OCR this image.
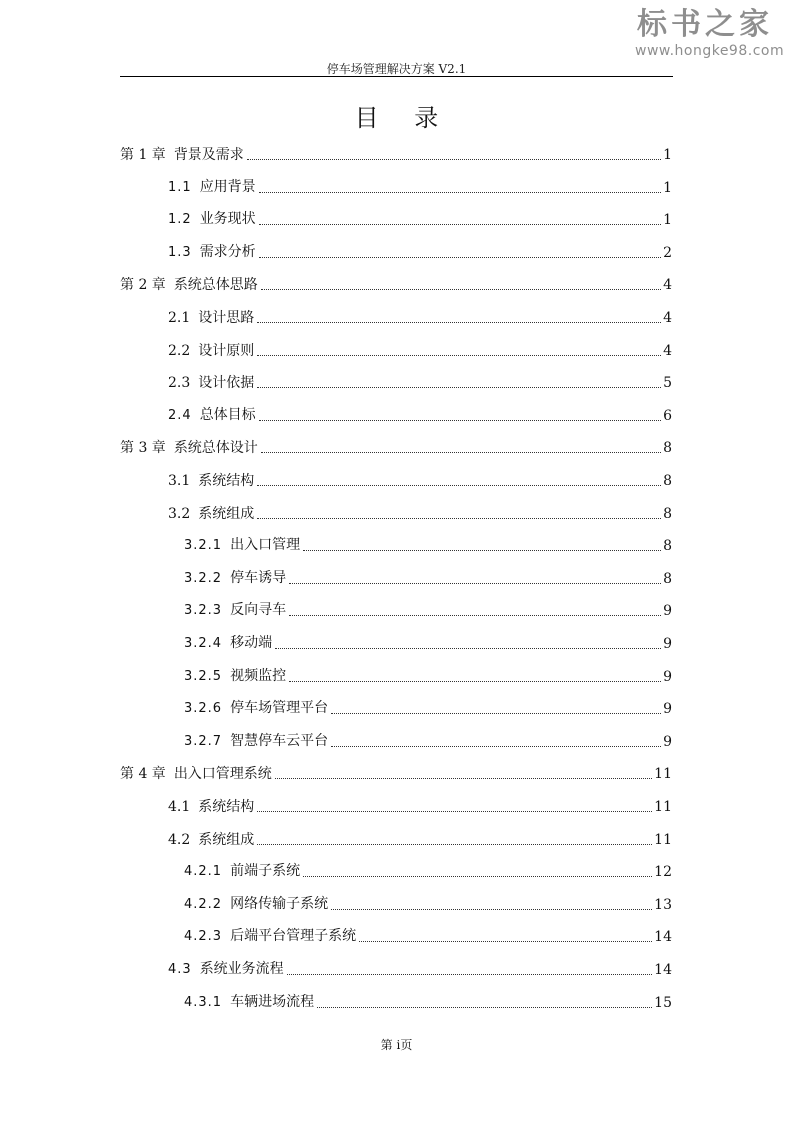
标书之家
www.hongke98.com
停车场管理解决方案 V2.1
目 录
第 1 章 背景及需求	1
1.1 应用背景	1
1.2 业务现状	1
1.3 需求分析	2
第 2 章 系统总体思路	4
2.1 设计思路	4
2.2 设计原则	4
2.3 设计依据	5
2.4 总体目标	6
第 3 章 系统总体设计	8
3.1 系统结构	8
3.2 系统组成	8
3.2.1 出入口管理	8
3.2.2 停车诱导	8
3.2.3 反向寻车	9
3.2.4 移动端	9
3.2.5 视频监控	9
3.2.6 停车场管理平台	9
3.2.7 智慧停车云平台	9
第 4 章 出入口管理系统	11
4.1 系统结构	11
4.2 系统组成	11
4.2.1 前端子系统	12
4.2.2 网络传输子系统	13
4.2.3 后端平台管理子系统	14
4.3 系统业务流程	14
4.3.1 车辆进场流程	15
第 i页
